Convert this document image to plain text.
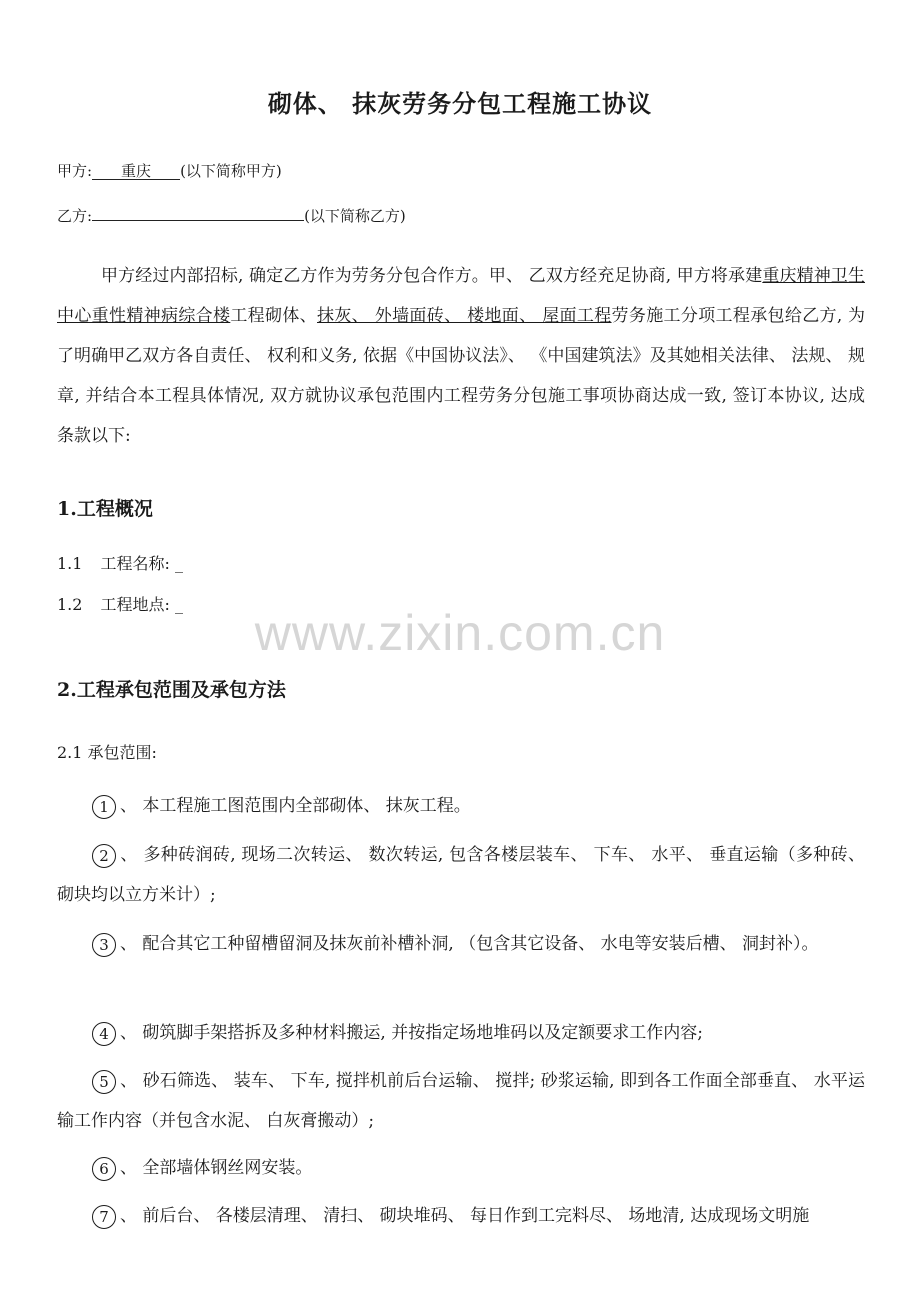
砌体、 抹灰劳务分包工程施工协议
甲方: 重庆 (以下简称甲方)
乙方:	(以下简称乙方)
甲方经过内部招标, 确定乙方作为劳务分包合作方。甲、 乙双方经充足协商, 甲方将承建重庆精神卫生中心重性精神病综合楼工程砌体、抹灰、 外墙面砖、 楼地面、 屋面工程劳务施工分项工程承包给乙方, 为了明确甲乙双方各自责任、 权利和义务, 依据《中国协议法》、 《中国建筑法》及其她相关法律、 法规、 规章, 并结合本工程具体情况, 双方就协议承包范围内工程劳务分包施工事项协商达成一致, 签订本协议, 达成条款以下:
1.工程概况
1.1 工程名称: _
1.2 工程地点: _
www.zixin.com.cn
2.工程承包范围及承包方法
2.1 承包范围:
1 、 本工程施工图范围内全部砌体、 抹灰工程。
2 、 多种砖润砖, 现场二次转运、 数次转运, 包含各楼层装车、 下车、 水平、 垂直运输（多种砖、 砌块均以立方米计）;
3 、 配合其它工种留槽留洞及抹灰前补槽补洞, （包含其它设备、 水电等安装后槽、 洞封补）。
4 、 砌筑脚手架搭拆及多种材料搬运, 并按指定场地堆码以及定额要求工作内容;
5 、 砂石筛选、 装车、 下车, 搅拌机前后台运输、 搅拌; 砂浆运输, 即到各工作面全部垂直、 水平运输工作内容（并包含水泥、 白灰膏搬动）;
6 、 全部墙体钢丝网安装。
7 、 前后台、 各楼层清理、 清扫、 砌块堆码、 每日作到工完料尽、 场地清, 达成现场文明施
